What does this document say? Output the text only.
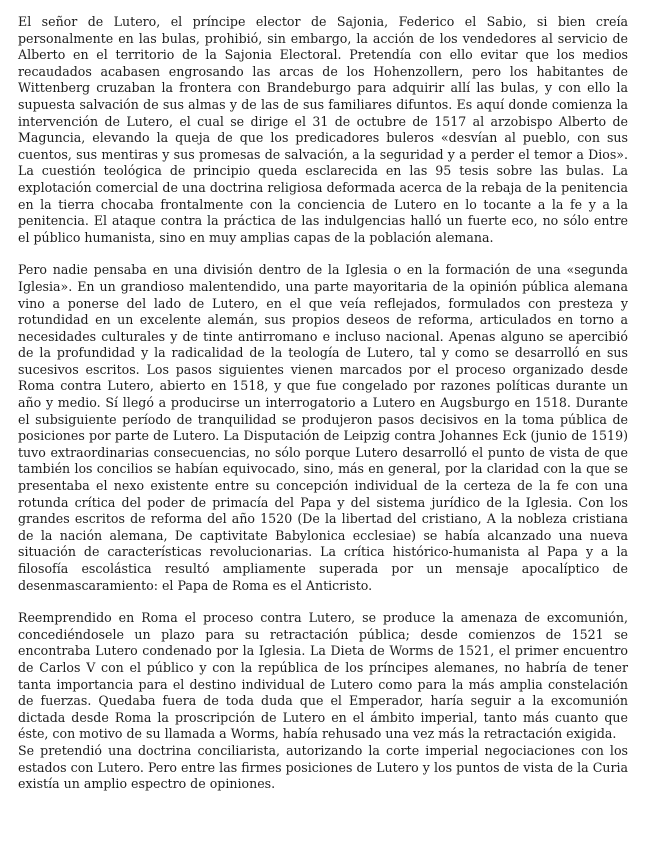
El señor de Lutero, el príncipe elector de Sajonia, Federico el Sabio, si bien creía personalmente en las bulas, prohibió, sin embargo, la acción de los vendedores al servicio de Alberto en el territorio de la Sajonia Electoral. Pretendía con ello evitar que los medios recaudados acabasen engrosando las arcas de los Hohenzollern, pero los habitantes de Wittenberg cruzaban la frontera con Brandeburgo para adquirir allí las bulas, y con ello la supuesta salvación de sus almas y de las de sus familiares difuntos. Es aquí donde comienza la intervención de Lutero, el cual se dirige el 31 de octubre de 1517 al arzobispo Alberto de Maguncia, elevando la queja de que los predicadores buleros «desvían al pueblo, con sus cuentos, sus mentiras y sus promesas de salvación, a la seguridad y a perder el temor a Dios». La cuestión teológica de principio queda esclarecida en las 95 tesis sobre las bulas. La explotación comercial de una doctrina religiosa deformada acerca de la rebaja de la penitencia en la tierra chocaba frontalmente con la conciencia de Lutero en lo tocante a la fe y a la penitencia. El ataque contra la práctica de las indulgencias halló un fuerte eco, no sólo entre el público humanista, sino en muy amplias capas de la población alemana.

Pero nadie pensaba en una división dentro de la Iglesia o en la formación de una «segunda Iglesia». En un grandioso malentendido, una parte mayoritaria de la opinión pública alemana vino a ponerse del lado de Lutero, en el que veía reflejados, formulados con presteza y rotundidad en un excelente alemán, sus propios deseos de reforma, articulados en torno a necesidades culturales y de tinte antirromano e incluso nacional. Apenas alguno se apercibió de la profundidad y la radicalidad de la teología de Lutero, tal y como se desarrolló en sus sucesivos escritos. Los pasos siguientes vienen marcados por el proceso organizado desde Roma contra Lutero, abierto en 1518, y que fue congelado por razones políticas durante un año y medio. Sí llegó a producirse un interrogatorio a Lutero en Augsburgo en 1518. Durante el subsiguiente período de tranquilidad se produjeron pasos decisivos en la toma pública de posiciones por parte de Lutero. La Disputación de Leipzig contra Johannes Eck (junio de 1519) tuvo extraordinarias consecuencias, no sólo porque Lutero desarrolló el punto de vista de que también los concilios se habían equivocado, sino, más en general, por la claridad con la que se presentaba el nexo existente entre su concepción individual de la certeza de la fe con una rotunda crítica del poder de primacía del Papa y del sistema jurídico de la Iglesia. Con los grandes escritos de reforma del año 1520 (De la libertad del cristiano, A la nobleza cristiana de la nación alemana, De captivitate Babylonica ecclesiae) se había alcanzado una nueva situación de características revolucionarias. La crítica histórico-humanista al Papa y a la filosofía escolástica resultó ampliamente superada por un mensaje apocalíptico de desenmascaramiento: el Papa de Roma es el Anticristo.

Reemprendido en Roma el proceso contra Lutero, se produce la amenaza de excomunión, concediéndosele un plazo para su retractación pública; desde comienzos de 1521 se encontraba Lutero condenado por la Iglesia. La Dieta de Worms de 1521, el primer encuentro de Carlos V con el público y con la república de los príncipes alemanes, no habría de tener tanta importancia para el destino individual de Lutero como para la más amplia constelación de fuerzas. Quedaba fuera de toda duda que el Emperador, haría seguir a la excomunión dictada desde Roma la proscripción de Lutero en el ámbito imperial, tanto más cuanto que éste, con motivo de su llamada a Worms, había rehusado una vez más la retractación exigida.

Se pretendió una doctrina conciliarista, autorizando la corte imperial negociaciones con los estados con Lutero. Pero entre las firmes posiciones de Lutero y los puntos de vista de la Curia existía un amplio espectro de opiniones.
